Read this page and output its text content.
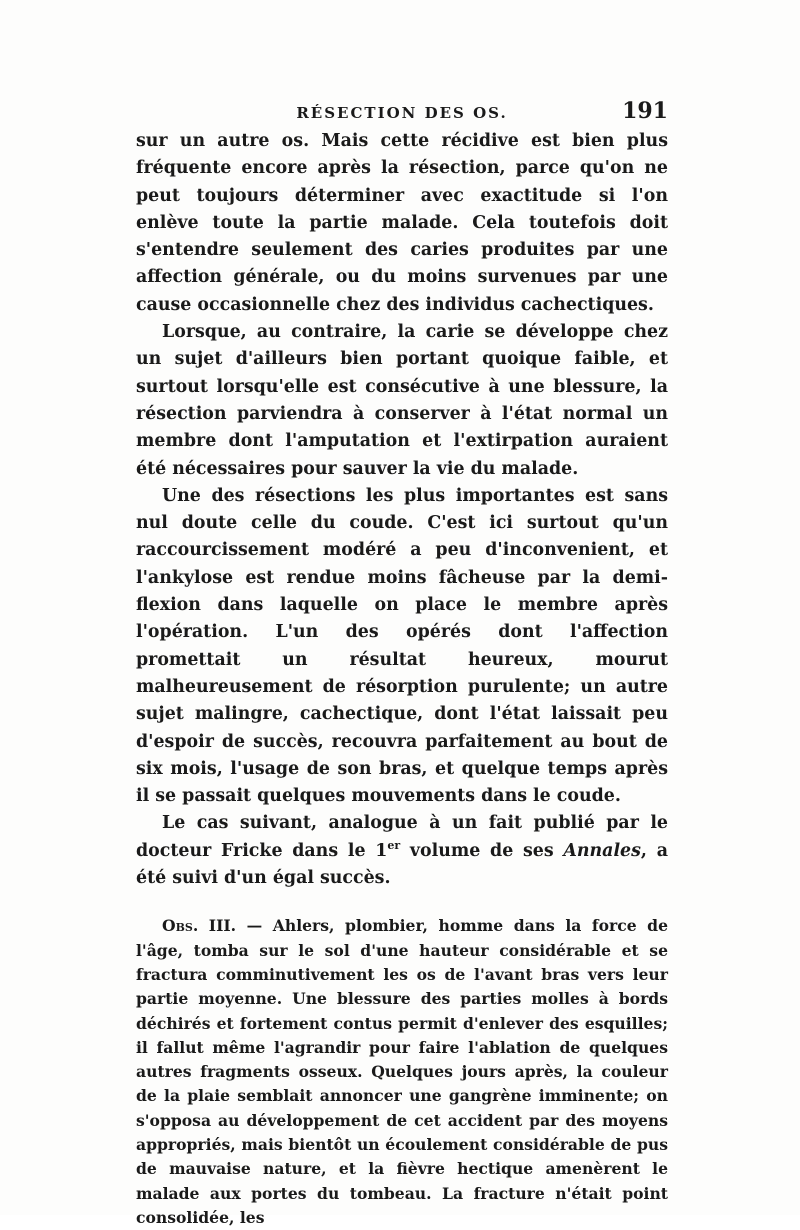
RÉSECTION DES OS.	191

sur un autre os. Mais cette récidive est bien plus fréquente encore après la résection, parce qu'on ne peut toujours déterminer avec exactitude si l'on enlève toute la partie malade. Cela toutefois doit s'entendre seulement des caries produites par une affection générale, ou du moins survenues par une cause occasionnelle chez des individus cachectiques.

Lorsque, au contraire, la carie se développe chez un sujet d'ailleurs bien portant quoique faible, et surtout lorsqu'elle est consécutive à une blessure, la résection parviendra à conserver à l'état normal un membre dont l'amputation et l'extirpation auraient été nécessaires pour sauver la vie du malade.

Une des résections les plus importantes est sans nul doute celle du coude. C'est ici surtout qu'un raccourcissement modéré a peu d'inconvenient, et l'ankylose est rendue moins fâcheuse par la demi-flexion dans laquelle on place le membre après l'opération. L'un des opérés dont l'affection promettait un résultat heureux, mourut malheureusement de résorption purulente; un autre sujet malingre, cachectique, dont l'état laissait peu d'espoir de succès, recouvra parfaitement au bout de six mois, l'usage de son bras, et quelque temps après il se passait quelques mouvements dans le coude.

Le cas suivant, analogue à un fait publié par le docteur Fricke dans le 1er volume de ses Annales, a été suivi d'un égal succès.

Obs. III. — Ahlers, plombier, homme dans la force de l'âge, tomba sur le sol d'une hauteur considérable et se fractura comminutivement les os de l'avant bras vers leur partie moyenne. Une blessure des parties molles à bords déchirés et fortement contus permit d'enlever des esquilles; il fallut même l'agrandir pour faire l'ablation de quelques autres fragments osseux. Quelques jours après, la couleur de la plaie semblait annoncer une gangrène imminente; on s'opposa au développement de cet accident par des moyens appropriés, mais bientôt un écoulement considérable de pus de mauvaise nature, et la fièvre hectique amenèrent le malade aux portes du tombeau. La fracture n'était point consolidée, les
